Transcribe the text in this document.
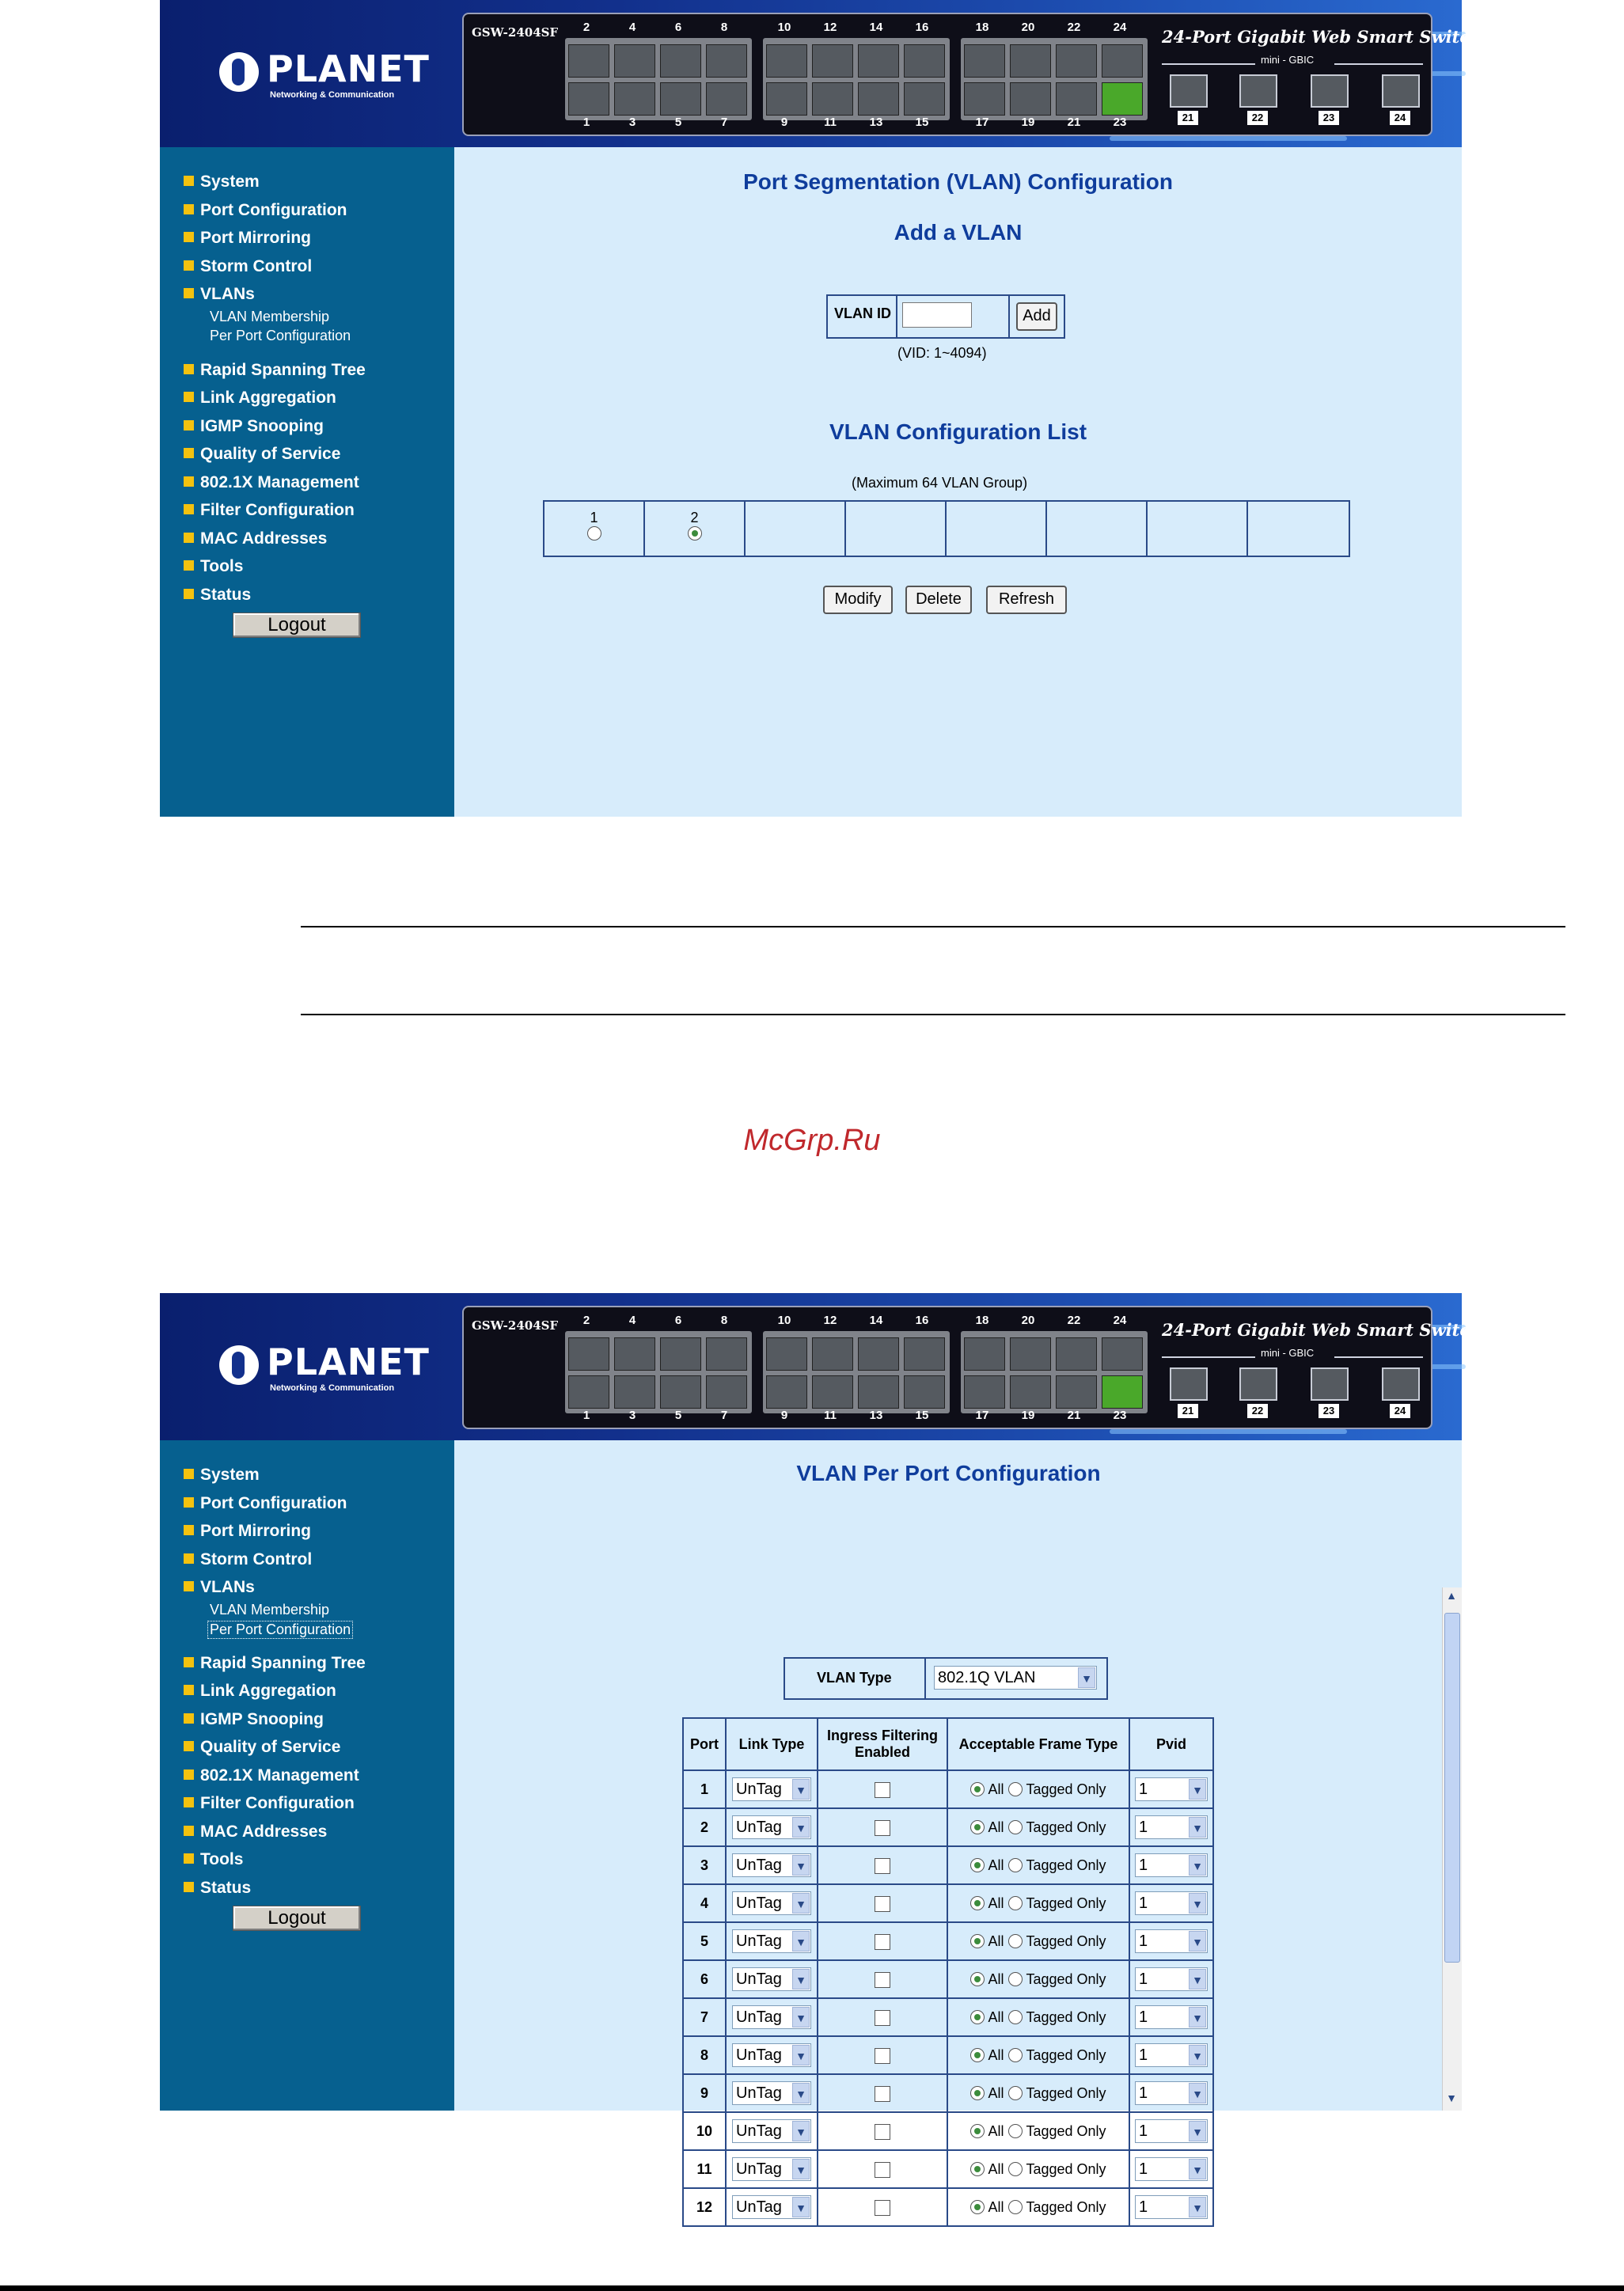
PLANET
Networking & Communication
GSW-2404SF	2
1
4
3
6
5
8
7
10
9
12
11
14
13
16
15
18
17
20
19
22
21
24
23
24-Port Gigabit Web Smart Switch
mini - GBIC
21	22	23	24
System
Port Configuration
Port Mirroring
Storm Control
VLANs
VLAN Membership
Per Port Configuration
Rapid Spanning Tree
Link Aggregation
IGMP Snooping
Quality of Service
802.1X Management
Filter Configuration
MAC Addresses
Tools
Status
Logout
Port Segmentation (VLAN) Configuration
Add a VLAN
VLAN ID	Add
(VID: 1~4094)
VLAN Configuration List
(Maximum 64 VLAN Group)
1	2
Modify	Delete	Refresh
McGrp.Ru
PLANET
Networking & Communication
GSW-2404SF	2
1
4
3
6
5
8
7
10
9
12
11
14
13
16
15
18
17
20
19
22
21
24
23
24-Port Gigabit Web Smart Switch
mini - GBIC
21	22	23	24
System
Port Configuration
Port Mirroring
Storm Control
VLANs
VLAN Membership
Per Port Configuration
Rapid Spanning Tree
Link Aggregation
IGMP Snooping
Quality of Service
802.1X Management
Filter Configuration
MAC Addresses
Tools
Status
Logout
VLAN Per Port Configuration
VLAN Type	802.1Q VLAN	▼
Port	Link Type	Ingress Filtering Enabled	Acceptable Frame Type	Pvid
1	UnTag ▼		All Tagged Only	1 ▼

2	UnTag ▼		All Tagged Only	1 ▼

3	UnTag ▼		All Tagged Only	1 ▼

4	UnTag ▼		All Tagged Only	1 ▼

5	UnTag ▼		All Tagged Only	1 ▼

6	UnTag ▼		All Tagged Only	1 ▼

7	UnTag ▼		All Tagged Only	1 ▼

8	UnTag ▼		All Tagged Only	1 ▼

9	UnTag ▼		All Tagged Only	1 ▼

10	UnTag ▼		All Tagged Only	1 ▼

11	UnTag ▼		All Tagged Only	1 ▼

12	UnTag ▼		All Tagged Only	1 ▼
▲
▼
